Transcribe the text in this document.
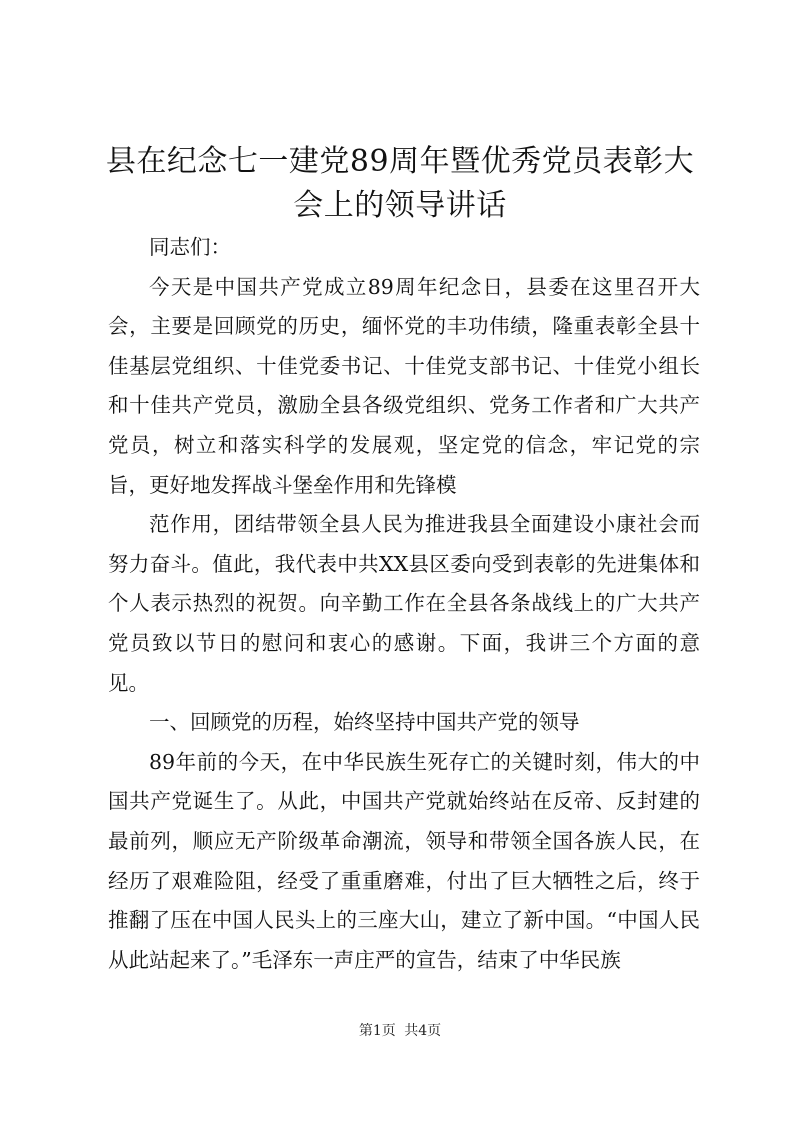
县在纪念七一建党89周年暨优秀党员表彰大
会上的领导讲话

同志们：

今天是中国共产党成立89周年纪念日，县委在这里召开大会，主要是回顾党的历史，缅怀党的丰功伟绩，隆重表彰全县十佳基层党组织、十佳党委书记、十佳党支部书记、十佳党小组长和十佳共产党员，激励全县各级党组织、党务工作者和广大共产党员，树立和落实科学的发展观，坚定党的信念，牢记党的宗旨，更好地发挥战斗堡垒作用和先锋模

范作用，团结带领全县人民为推进我县全面建设小康社会而努力奋斗。值此，我代表中共XX县区委向受到表彰的先进集体和个人表示热烈的祝贺。向辛勤工作在全县各条战线上的广大共产党员致以节日的慰问和衷心的感谢。下面，我讲三个方面的意见。

一、回顾党的历程，始终坚持中国共产党的领导

89年前的今天，在中华民族生死存亡的关键时刻，伟大的中国共产党诞生了。从此，中国共产党就始终站在反帝、反封建的最前列，顺应无产阶级革命潮流，领导和带领全国各族人民，在经历了艰难险阻，经受了重重磨难，付出了巨大牺牲之后，终于推翻了压在中国人民头上的三座大山，建立了新中国。“中国人民从此站起来了。”毛泽东一声庄严的宣告，结束了中华民族

第1页 共4页
